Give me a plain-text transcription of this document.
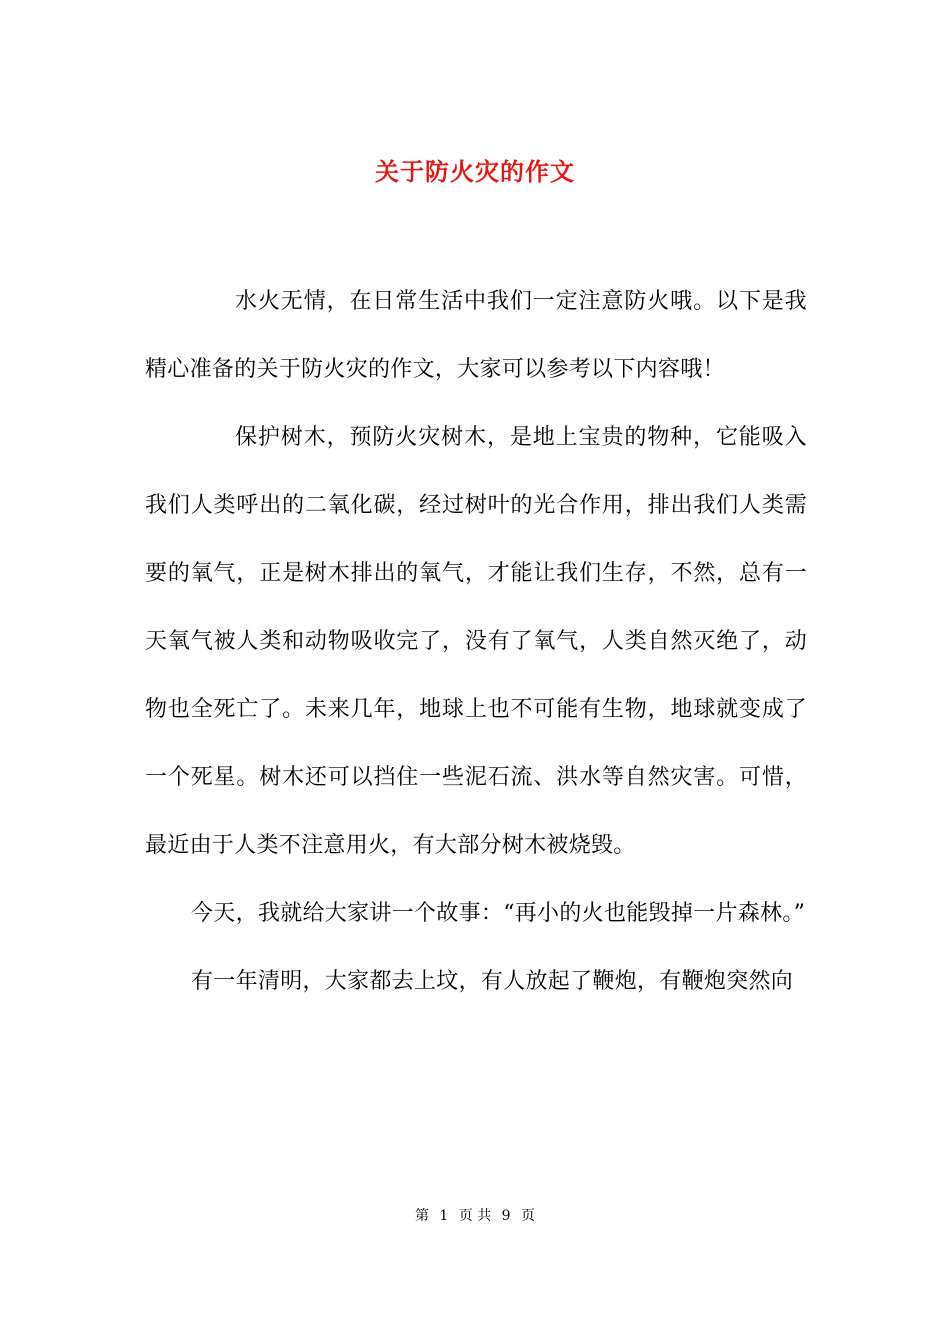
关于防火灾的作文

水火无情，在日常生活中我们一定注意防火哦。以下是我精心准备的关于防火灾的作文，大家可以参考以下内容哦！

保护树木，预防火灾树木，是地上宝贵的物种，它能吸入我们人类呼出的二氧化碳，经过树叶的光合作用，排出我们人类需要的氧气，正是树木排出的氧气，才能让我们生存，不然，总有一天氧气被人类和动物吸收完了，没有了氧气，人类自然灭绝了，动物也全死亡了。未来几年，地球上也不可能有生物，地球就变成了一个死星。树木还可以挡住一些泥石流、洪水等自然灾害。可惜，最近由于人类不注意用火，有大部分树木被烧毁。

今天，我就给大家讲一个故事：“再小的火也能毁掉一片森林。”

有一年清明，大家都去上坟，有人放起了鞭炮，有鞭炮突然向

第 1 页 共 9 页
